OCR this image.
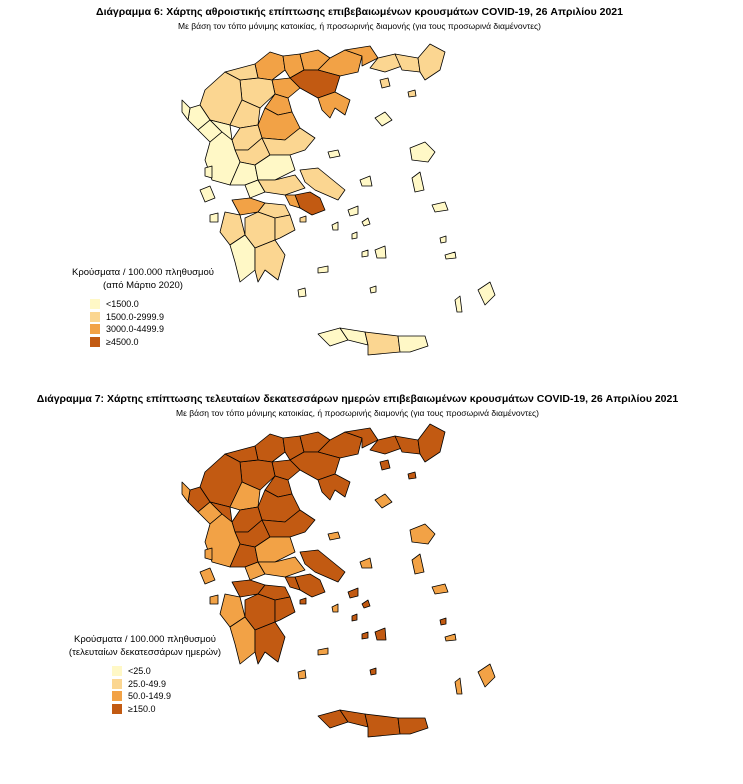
Διάγραμμα 6: Χάρτης αθροιστικής επίπτωσης επιβεβαιωμένων κρουσμάτων COVID-19, 26 Απριλίου 2021
Με βάση τον τόπο μόνιμης κατοικίας, ή προσωρινής διαμονής (για τους προσωρινά διαμένοντες)
Κρούσματα / 100.000 πληθυσμού
(από Μάρτιο 2020)
<1500.0
1500.0-2999.9
3000.0-4499.9
≥4500.0
Διάγραμμα 7: Χάρτης επίπτωσης τελευταίων δεκατεσσάρων ημερών επιβεβαιωμένων κρουσμάτων COVID-19, 26 Απριλίου 2021
Με βάση τον τόπο μόνιμης κατοικίας, ή προσωρινής διαμονής (για τους προσωρινά διαμένοντες)
Κρούσματα / 100.000 πληθυσμού
(τελευταίων δεκατεσσάρων ημερών)
<25.0
25.0-49.9
50.0-149.9
≥150.0
